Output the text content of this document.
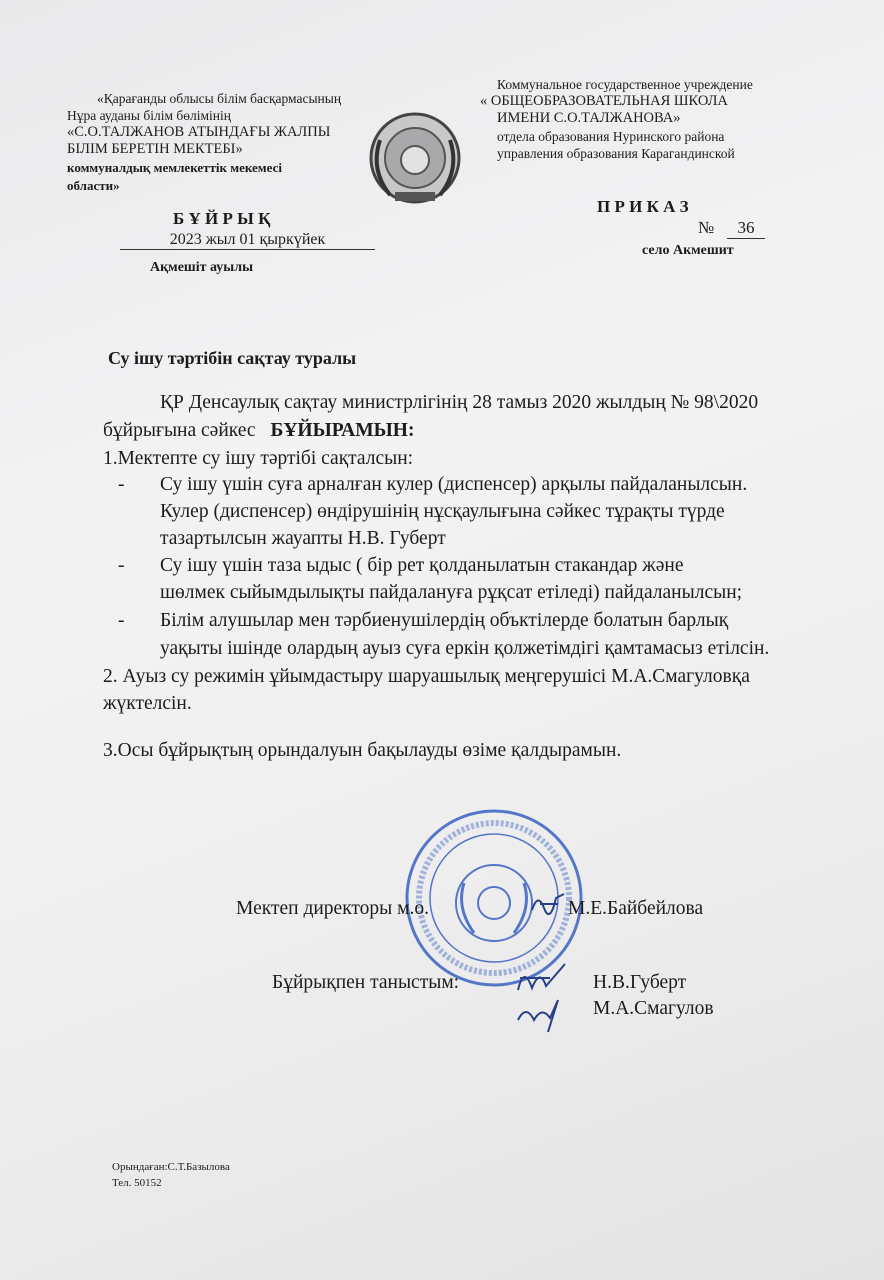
«Қарағанды облысы білім басқармасының
Нұра ауданы білім бөлімінің
«С.О.ТАЛЖАНОВ АТЫНДАҒЫ ЖАЛПЫ
БІЛІМ БЕРЕТІН МЕКТЕБІ»
коммуналдық мемлекеттік мекемесі
области»
Б Ұ Й Р Ы Қ
2023 жыл 01 қыркүйек
Ақмешіт ауылы
Коммунальное государственное учреждение
« ОБЩЕОБРАЗОВАТЕЛЬНАЯ ШКОЛА
ИМЕНИ С.О.ТАЛЖАНОВА»
отдела образования Нуринского района
управления образования Карагандинской
П Р И К А З
№	36
село Акмешит
Су ішу тәртібін сақтау туралы
ҚР Денсаулық сақтау министрлігінің 28 тамыз 2020 жылдың № 98\2020
бұйрығына сәйкес БҰЙЫРАМЫН:
1.Мектепте су ішу тәртібі сақталсын:
- Су ішу үшін суға арналған кулер (диспенсер) арқылы пайдаланылсын.
Кулер (диспенсер) өндірушінің нұсқаулығына сәйкес тұрақты түрде
тазартылсын жауапты Н.В. Губерт
- Су ішу үшін таза ыдыс ( бір рет қолданылатын стакандар және
шөлмек сыйымдылықты пайдалануға рұқсат етіледі) пайдаланылсын;
- Білім алушылар мен тәрбиенушілердің объктілерде болатын барлық
уақыты ішінде олардың ауыз суға еркін қолжетімдігі қамтамасыз етілсін.
2. Ауыз су режимін ұйымдастыру шаруашылық меңгерушісі М.А.Смагуловқа
жүктелсін.
3.Осы бұйрықтың орындалуын бақылауды өзіме қалдырамын.
Мектеп директоры м.о.	М.Е.Байбейлова
Бұйрықпен таныстым:	Н.В.Губерт
М.А.Смагулов
Орындаған:С.Т.Базылова
Тел. 50152
